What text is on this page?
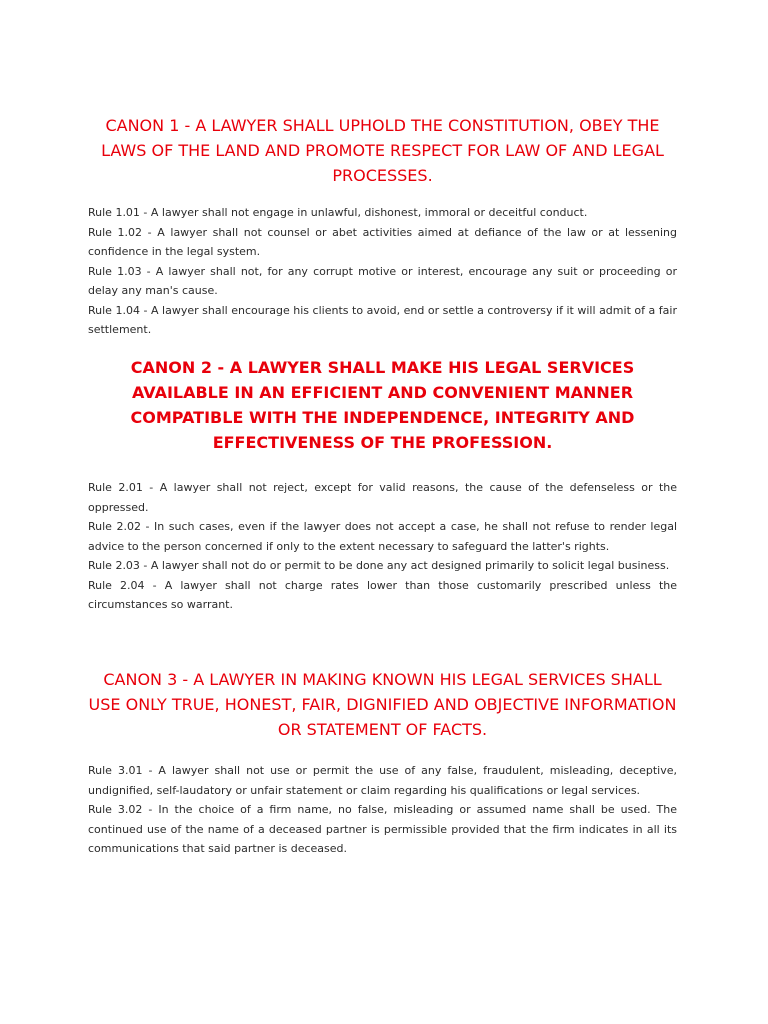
CANON 1 - A LAWYER SHALL UPHOLD THE CONSTITUTION, OBEY THE LAWS OF THE LAND AND PROMOTE RESPECT FOR LAW OF AND LEGAL PROCESSES.

Rule 1.01 - A lawyer shall not engage in unlawful, dishonest, immoral or deceitful conduct.

Rule 1.02 - A lawyer shall not counsel or abet activities aimed at defiance of the law or at lessening confidence in the legal system.

Rule 1.03 - A lawyer shall not, for any corrupt motive or interest, encourage any suit or proceeding or delay any man's cause.

Rule 1.04 - A lawyer shall encourage his clients to avoid, end or settle a controversy if it will admit of a fair settlement.

CANON 2 - A LAWYER SHALL MAKE HIS LEGAL SERVICES AVAILABLE IN AN EFFICIENT AND CONVENIENT MANNER COMPATIBLE WITH THE INDEPENDENCE, INTEGRITY AND EFFECTIVENESS OF THE PROFESSION.

Rule 2.01 - A lawyer shall not reject, except for valid reasons, the cause of the defenseless or the oppressed.

Rule 2.02 - In such cases, even if the lawyer does not accept a case, he shall not refuse to render legal advice to the person concerned if only to the extent necessary to safeguard the latter's rights.

Rule 2.03 - A lawyer shall not do or permit to be done any act designed primarily to solicit legal business.

Rule 2.04 - A lawyer shall not charge rates lower than those customarily prescribed unless the circumstances so warrant.

CANON 3 - A LAWYER IN MAKING KNOWN HIS LEGAL SERVICES SHALL USE ONLY TRUE, HONEST, FAIR, DIGNIFIED AND OBJECTIVE INFORMATION OR STATEMENT OF FACTS.

Rule 3.01 - A lawyer shall not use or permit the use of any false, fraudulent, misleading, deceptive, undignified, self-laudatory or unfair statement or claim regarding his qualifications or legal services.

Rule 3.02 - In the choice of a firm name, no false, misleading or assumed name shall be used. The continued use of the name of a deceased partner is permissible provided that the firm indicates in all its communications that said partner is deceased.
